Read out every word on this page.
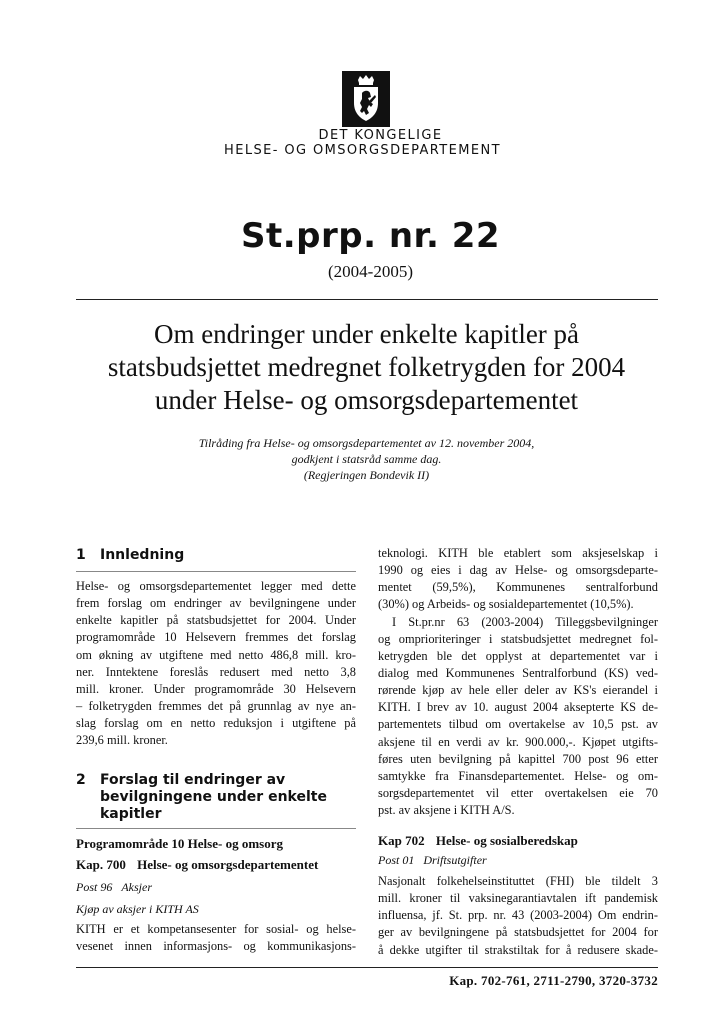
DET KONGELIGE
HELSE- OG OMSORGSDEPARTEMENT
St.prp. nr. 22
(2004-2005)
Om endringer under enkelte kapitler på
statsbudsjettet medregnet folketrygden for 2004
under Helse- og omsorgsdepartementet
Tilråding fra Helse- og omsorgsdepartementet av 12. november 2004,
godkjent i statsråd samme dag.
(Regjeringen Bondevik II)
1 Innledning
Helse- og omsorgsdepartementet legger med dette
frem forslag om endringer av bevilgningene under
enkelte kapitler på statsbudsjettet for 2004. Under
programområde 10 Helsevern fremmes det forslag
om økning av utgiftene med netto 486,8 mill. kro-
ner. Inntektene foreslås redusert med netto 3,8
mill. kroner. Under programområde 30 Helsevern
– folketrygden fremmes det på grunnlag av nye an-
slag forslag om en netto reduksjon i utgiftene på
239,6 mill. kroner.
2 Forslag til endringer av
bevilgningene under enkelte
kapitler
Programområde 10 Helse- og omsorg
Kap. 700 Helse- og omsorgsdepartementet
Post 96 Aksjer
Kjøp av aksjer i KITH AS
KITH er et kompetansesenter for sosial- og helse-
vesenet innen informasjons- og kommunikasjons-
teknologi. KITH ble etablert som aksjeselskap i
1990 og eies i dag av Helse- og omsorgsdeparte-
mentet (59,5%), Kommunenes sentralforbund
(30%) og Arbeids- og sosialdepartementet (10,5%).
I St.pr.nr 63 (2003-2004) Tilleggsbevilgninger
og omprioriteringer i statsbudsjettet medregnet fol-
ketrygden ble det opplyst at departementet var i
dialog med Kommunenes Sentralforbund (KS) ved-
rørende kjøp av hele eller deler av KS's eierandel i
KITH. I brev av 10. august 2004 aksepterte KS de-
partementets tilbud om overtakelse av 10,5 pst. av
aksjene til en verdi av kr. 900.000,-. Kjøpet utgifts-
føres uten bevilgning på kapittel 700 post 96 etter
samtykke fra Finansdepartementet. Helse- og om-
sorgsdepartementet vil etter overtakelsen eie 70
pst. av aksjene i KITH A/S.
Kap 702 Helse- og sosialberedskap
Post 01 Driftsutgifter
Nasjonalt folkehelseinstituttet (FHI) ble tildelt 3
mill. kroner til vaksinegarantiavtalen ift pandemisk
influensa, jf. St. prp. nr. 43 (2003-2004) Om endrin-
ger av bevilgningene på statsbudsjettet for 2004 for
å dekke utgifter til strakstiltak for å redusere skade-
Kap. 702-761, 2711-2790, 3720-3732
